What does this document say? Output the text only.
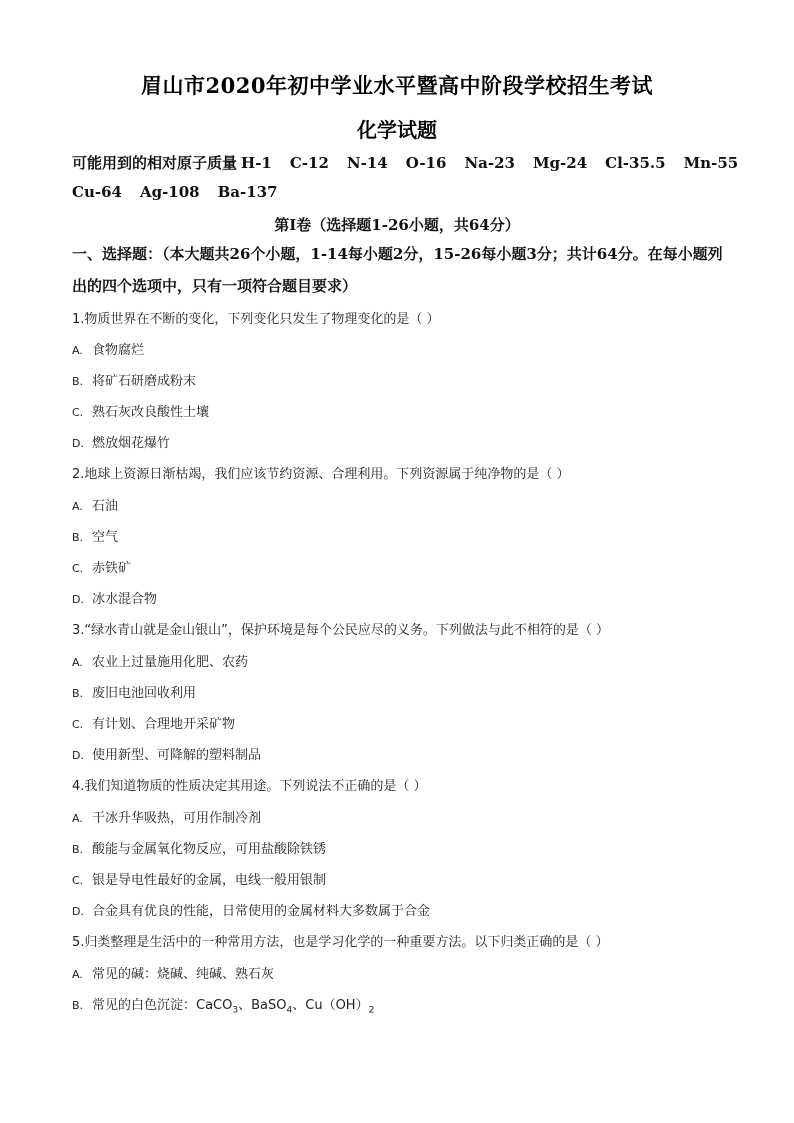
眉山市2020年初中学业水平暨高中阶段学校招生考试
化学试题
可能用到的相对原子质量 H-1 C-12 N-14 O-16 Na-23 Mg-24 Cl-35.5 Mn-55
Cu-64 Ag-108 Ba-137
第I卷（选择题1-26小题，共64分）
一、选择题：（本大题共26个小题，1-14每小题2分，15-26每小题3分；共计64分。在每小题列出的四个选项中，只有一项符合题目要求）
1.物质世界在不断的变化，下列变化只发生了物理变化的是（ ）
A. 食物腐烂
B. 将矿石研磨成粉末
C. 熟石灰改良酸性土壤
D. 燃放烟花爆竹
2.地球上资源日渐枯竭，我们应该节约资源、合理利用。下列资源属于纯净物的是（ ）
A. 石油
B. 空气
C. 赤铁矿
D. 冰水混合物
3.“绿水青山就是金山银山”，保护环境是每个公民应尽的义务。下列做法与此不相符的是（ ）
A. 农业上过量施用化肥、农药
B. 废旧电池回收利用
C. 有计划、合理地开采矿物
D. 使用新型、可降解的塑料制品
4.我们知道物质的性质决定其用途。下列说法不正确的是（ ）
A. 干冰升华吸热，可用作制冷剂
B. 酸能与金属氧化物反应，可用盐酸除铁锈
C. 银是导电性最好的金属，电线一般用银制
D. 合金具有优良的性能，日常使用的金属材料大多数属于合金
5.归类整理是生活中的一种常用方法，也是学习化学的一种重要方法。以下归类正确的是（ ）
A. 常见的碱：烧碱、纯碱、熟石灰
B. 常见的白色沉淀：CaCO$_3$、BaSO$_4$、$Cu(OH)_2$
